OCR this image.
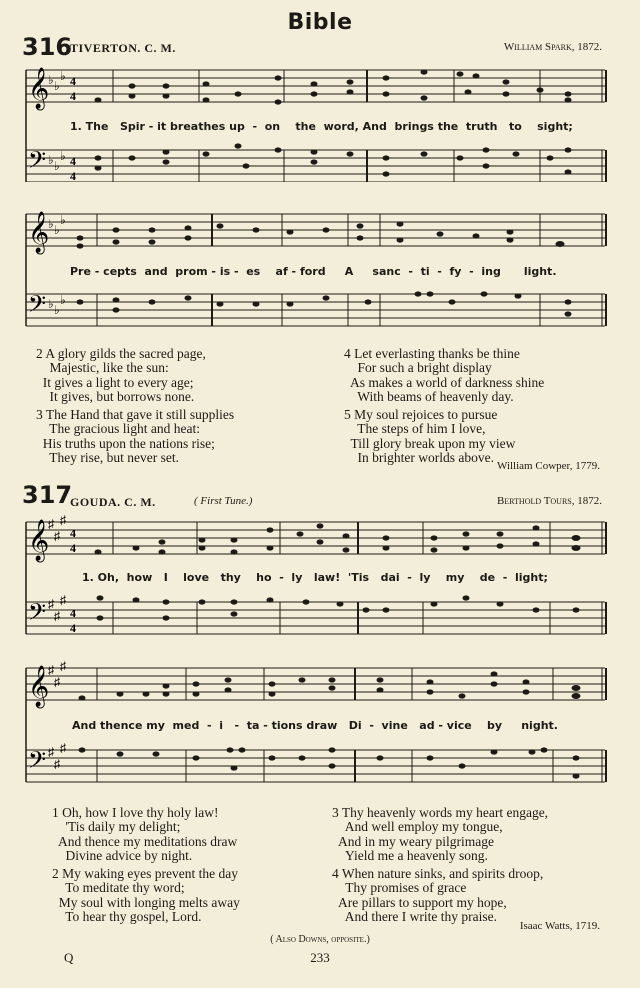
Bible
316
TIVERTON. C. M.	William Spark, 1872.
𝄞
𝄢
♭ ♭
♭
♭ ♭
♭
4
4
4
4
1. The   Spir - it breathes up  -  on    the  word, And  brings the  truth   to    sight;
𝄞
𝄢
♭ ♭
♭
♭ ♭
♭
Pre - cepts  and  prom - is -  es    af - ford     A     sanc  -  ti  -  fy  -  ing      light.
2 A glory gilds the sacred page,
Majestic, like the sun:
It gives a light to every age;
It gives, but borrows none.
3 The Hand that gave it still supplies
The gracious light and heat:
His truths upon the nations rise;
They rise, but never set.
4 Let everlasting thanks be thine
For such a bright display
As makes a world of darkness shine
With beams of heavenly day.
5 My soul rejoices to pursue
The steps of him I love,
Till glory break upon my view
In brighter worlds above.
William Cowper, 1779.
317
GOUDA. C. M.	( First Tune.)	Berthold Tours, 1872.
𝄞
𝄢
♯
♯
♯
♯
♯
♯
4
4
4
4
1. Oh,  how   I    love   thy    ho  -  ly   law!  'Tis   dai  -  ly    my    de  -  light;
𝄞
𝄢
♯
♯
♯
♯
♯
♯
And thence my  med  -  i   -  tа - tions draw   Di  -  vine   ad - vice    by     night.
1 Oh, how I love thy holy law!
'Tis daily my delight;
And thence my meditations draw
Divine advice by night.
2 My waking eyes prevent the day
To meditate thy word;
My soul with longing melts away
To hear thy gospel, Lord.
3 Thy heavenly words my heart engage,
And well employ my tongue,
And in my weary pilgrimage
Yield me a heavenly song.
4 When nature sinks, and spirits droop,
Thy promises of grace
Are pillars to support my hope,
And there I write thy praise.
Isaac Watts, 1719.
( Also Downs, opposite.)
233
Q
